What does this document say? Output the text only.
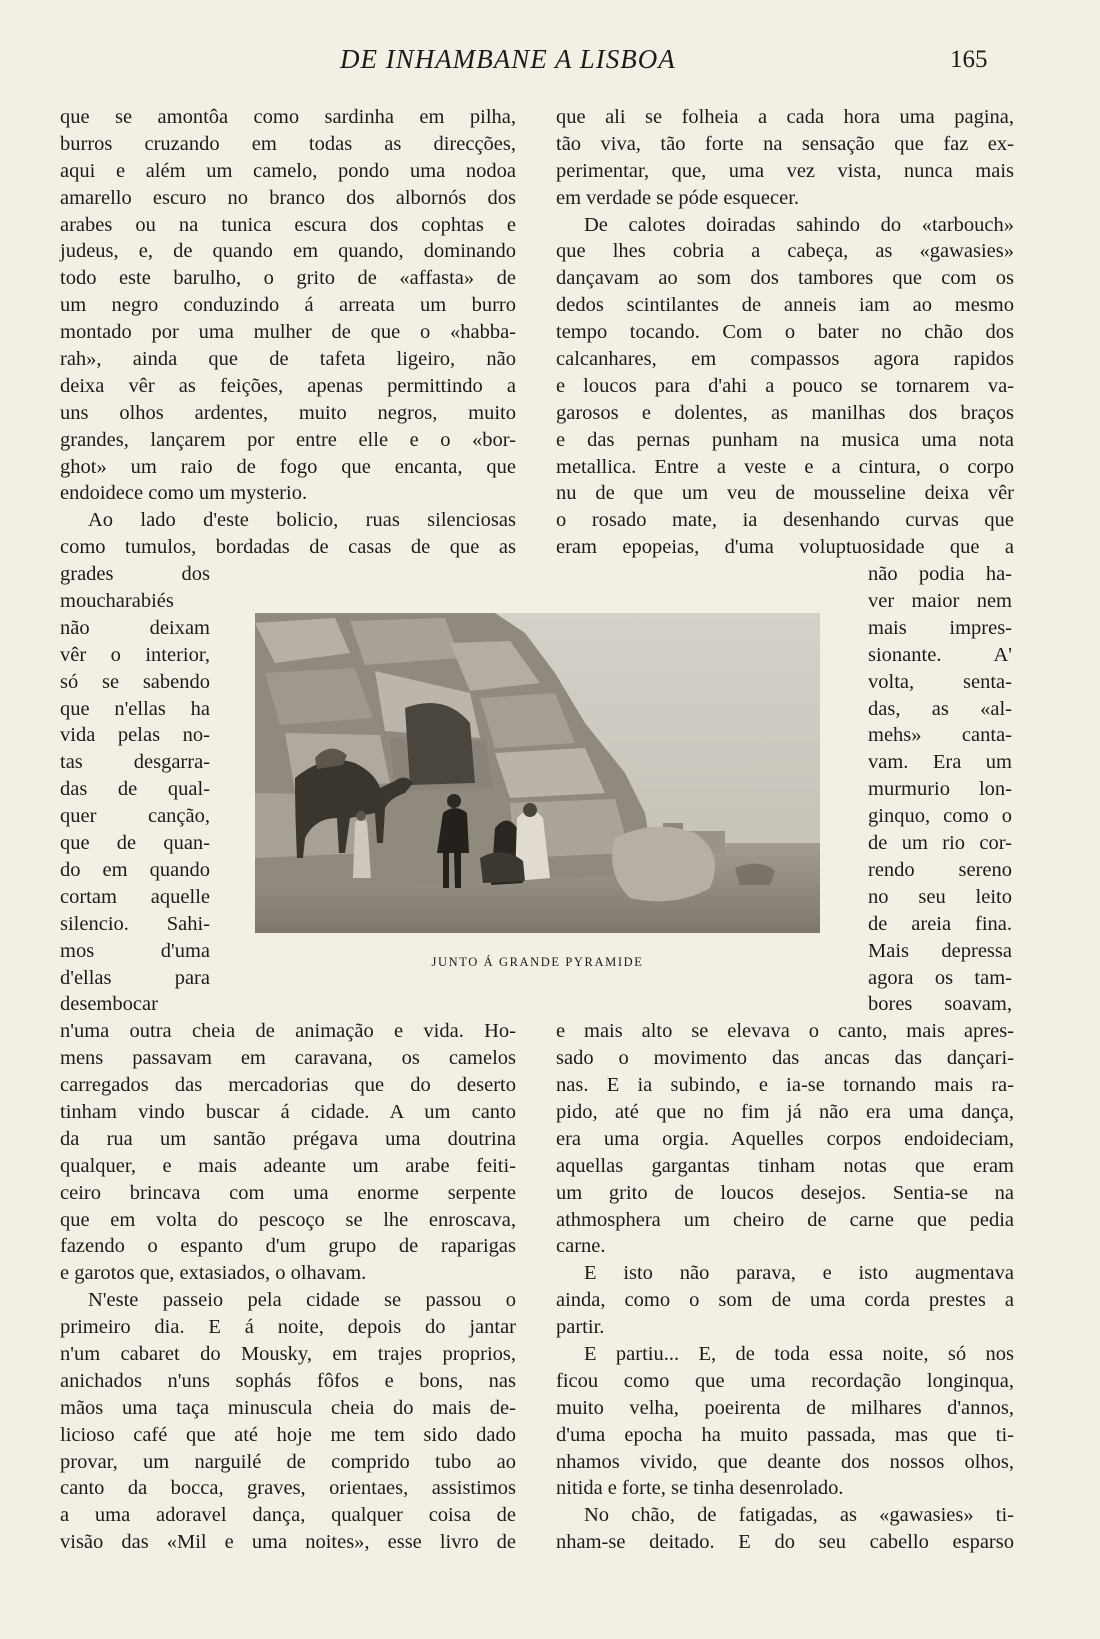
DE INHAMBANE A LISBOA	165
que se amontôa como sardinha em pilha,
burros cruzando em todas as direcções,
aqui e além um camelo, pondo uma nodoa
amarello escuro no branco dos albornós dos
arabes ou na tunica escura dos cophtas e
judeus, e, de quando em quando, dominando
todo este barulho, o grito de «affasta» de
um negro conduzindo á arreata um burro
montado por uma mulher de que o «habba-
rah», ainda que de tafeta ligeiro, não
deixa vêr as feições, apenas permittindo a
uns olhos ardentes, muito negros, muito
grandes, lançarem por entre elle e o «bor-
ghot» um raio de fogo que encanta, que
endoidece como um mysterio.
Ao lado d'este bolicio, ruas silenciosas
como tumulos, bordadas de casas de que as
grades dos
moucharabiés
não deixam
vêr o interior,
só se sabendo
que n'ellas ha
vida pelas no-
tas desgarra-
das de qual-
quer canção,
que de quan-
do em quando
cortam aquelle
silencio. Sahi-
mos d'uma
d'ellas para
desembocar
n'uma outra cheia de animação e vida. Ho-
mens passavam em caravana, os camelos
carregados das mercadorias que do deserto
tinham vindo buscar á cidade. A um canto
da rua um santão prégava uma doutrina
qualquer, e mais adeante um arabe feiti-
ceiro brincava com uma enorme serpente
que em volta do pescoço se lhe enroscava,
fazendo o espanto d'um grupo de raparigas
e garotos que, extasiados, o olhavam.
N'este passeio pela cidade se passou o
primeiro dia. E á noite, depois do jantar
n'um cabaret do Mousky, em trajes proprios,
anichados n'uns sophás fôfos e bons, nas
mãos uma taça minuscula cheia do mais de-
licioso café que até hoje me tem sido dado
provar, um narguilé de comprido tubo ao
canto da bocca, graves, orientaes, assistimos
a uma adoravel dança, qualquer coisa de
visão das «Mil e uma noites», esse livro de
que ali se folheia a cada hora uma pagina,
tão viva, tão forte na sensação que faz ex-
perimentar, que, uma vez vista, nunca mais
em verdade se póde esquecer.
De calotes doiradas sahindo do «tarbouch»
que lhes cobria a cabeça, as «gawasies»
dançavam ao som dos tambores que com os
dedos scintilantes de anneis iam ao mesmo
tempo tocando. Com o bater no chão dos
calcanhares, em compassos agora rapidos
e loucos para d'ahi a pouco se tornarem va-
garosos e dolentes, as manilhas dos braços
e das pernas punham na musica uma nota
metallica. Entre a veste e a cintura, o corpo
nu de que um veu de mousseline deixa vêr
o rosado mate, ia desenhando curvas que
eram epopeias, d'uma voluptuosidade que a
não podia ha-
ver maior nem
mais impres-
sionante. A'
volta, senta-
das, as «al-
mehs» canta-
vam. Era um
murmurio lon-
ginquo, como o
de um rio cor-
rendo sereno
no seu leito
de areia fina.
Mais depressa
agora os tam-
bores soavam,
e mais alto se elevava o canto, mais apres-
sado o movimento das ancas das dançari-
nas. E ia subindo, e ia-se tornando mais ra-
pido, até que no fim já não era uma dança,
era uma orgia. Aquelles corpos endoideciam,
aquellas gargantas tinham notas que eram
um grito de loucos desejos. Sentia-se na
athmosphera um cheiro de carne que pedia
carne.
E isto não parava, e isto augmentava
ainda, como o som de uma corda prestes a
partir.
E partiu... E, de toda essa noite, só nos
ficou como que uma recordação longinqua,
muito velha, poeirenta de milhares d'annos,
d'uma epocha ha muito passada, mas que ti-
nhamos vivido, que deante dos nossos olhos,
nitida e forte, se tinha desenrolado.
No chão, de fatigadas, as «gawasies» ti-
nham-se deitado. E do seu cabello esparso
JUNTO Á GRANDE PYRAMIDE
